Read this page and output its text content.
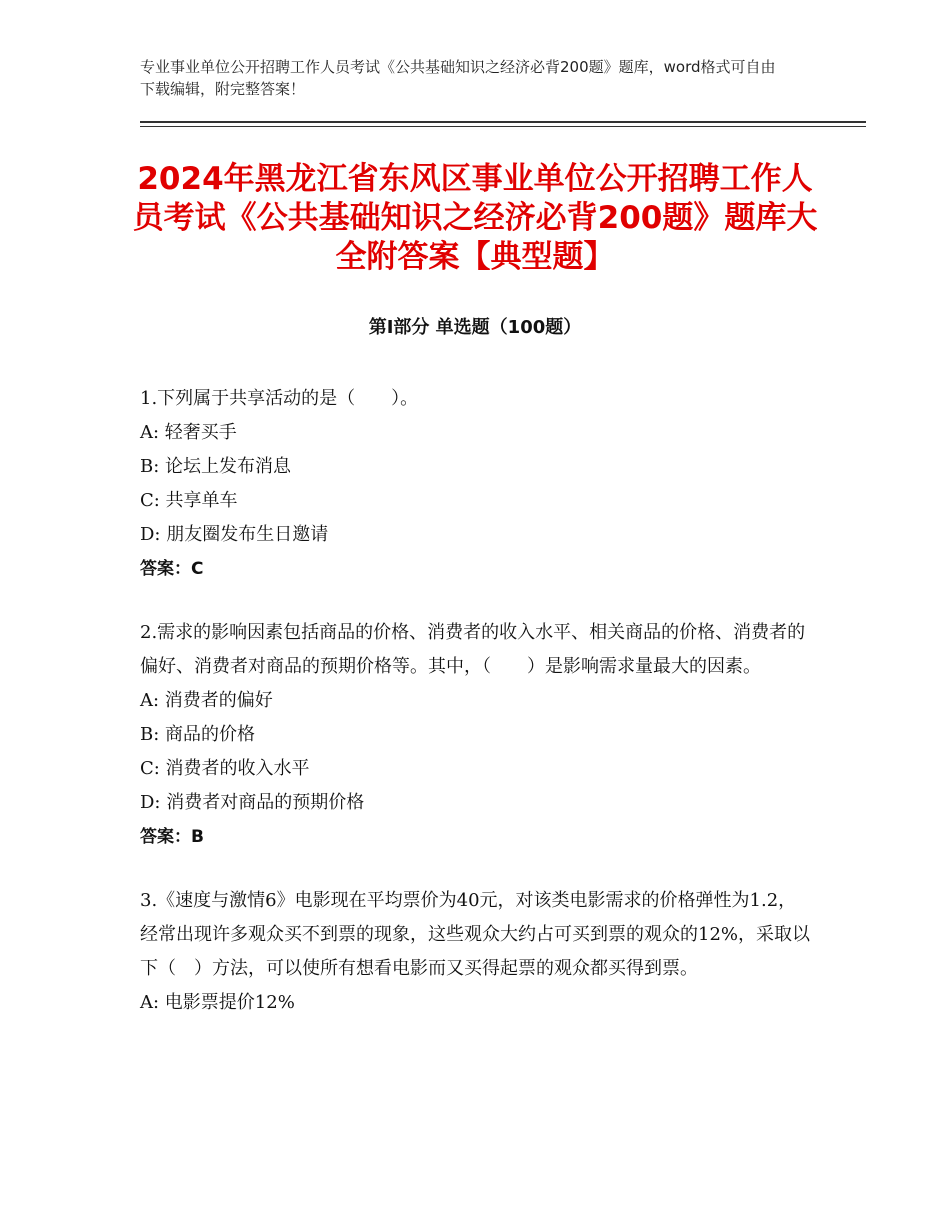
专业事业单位公开招聘工作人员考试《公共基础知识之经济必背200题》题库，word格式可自由下载编辑，附完整答案！
2024年黑龙江省东风区事业单位公开招聘工作人员考试《公共基础知识之经济必背200题》题库大全附答案【典型题】
第Ⅰ部分 单选题（100题）

1.下列属于共享活动的是（　　）。

A: 轻奢买手

B: 论坛上发布消息

C: 共享单车

D: 朋友圈发布生日邀请

答案：C

2.需求的影响因素包括商品的价格、消费者的收入水平、相关商品的价格、消费者的偏好、消费者对商品的预期价格等。其中，（　　）是影响需求量最大的因素。

A: 消费者的偏好

B: 商品的价格

C: 消费者的收入水平

D: 消费者对商品的预期价格

答案：B

3.《速度与激情6》电影现在平均票价为40元，对该类电影需求的价格弹性为1.2，经常出现许多观众买不到票的现象，这些观众大约占可买到票的观众的12%，采取以下（　）方法，可以使所有想看电影而又买得起票的观众都买得到票。

A: 电影票提价12%
